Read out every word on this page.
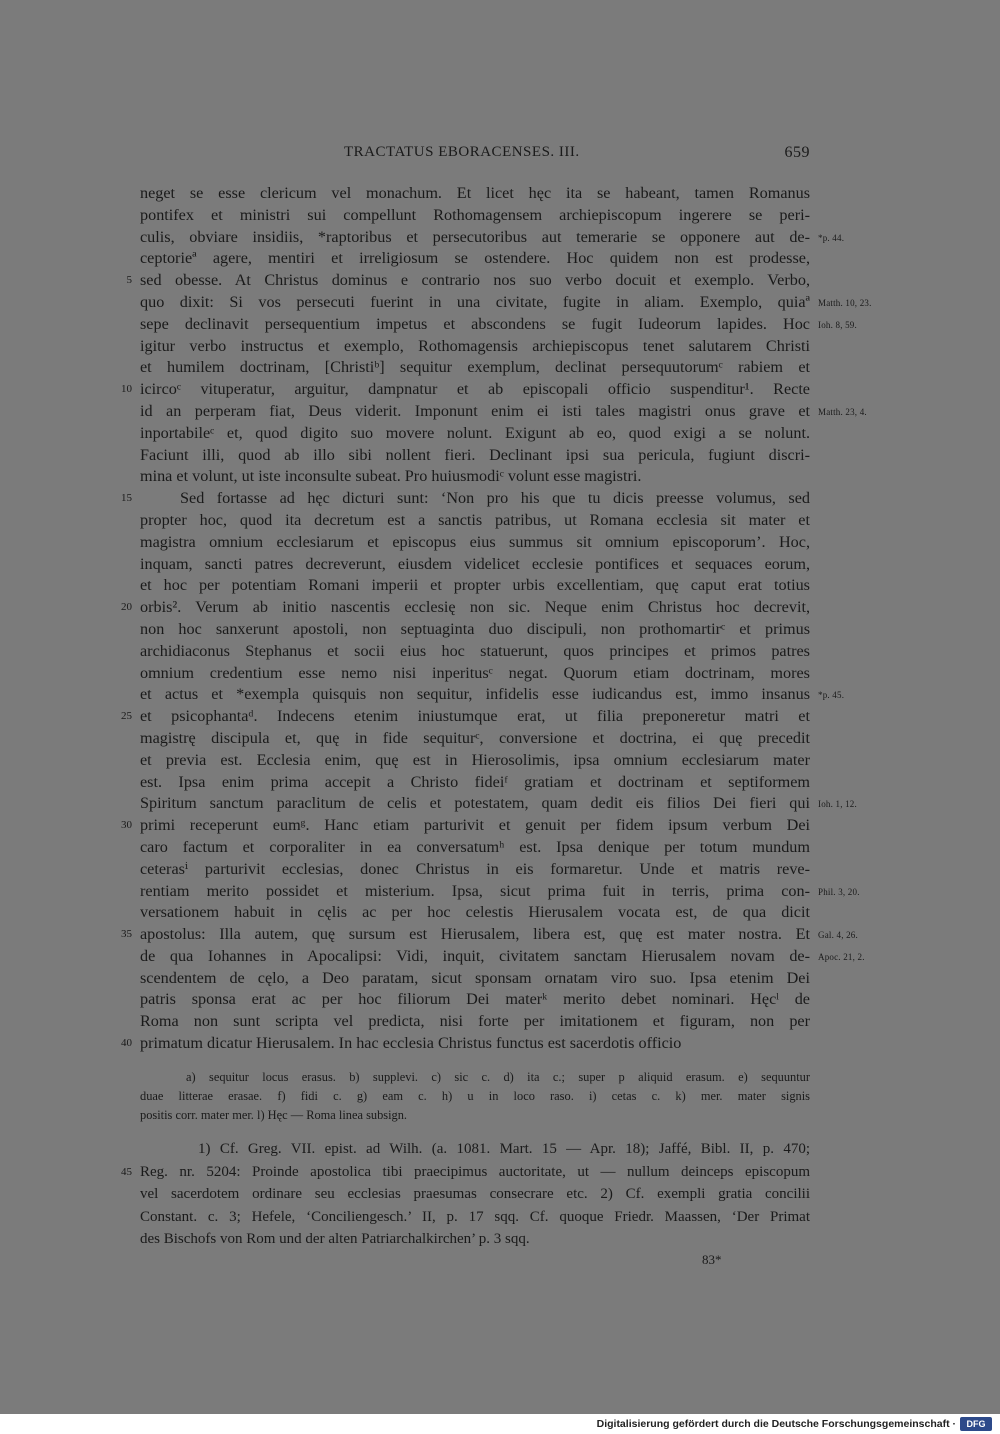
TRACTATUS EBORACENSES. III.	659
neget se esse clericum vel monachum. Et licet hęc ita se habeant, tamen Romanus
pontifex et ministri sui compellunt Rothomagensem archiepiscopum ingerere se peri-
culis, obviare insidiis, *raptoribus et persecutoribus aut temerarie se opponere aut de- *p. 44.
ceptorieª agere, mentiri et irreligiosum se ostendere. Hoc quidem non est prodesse,
sed obesse. At Christus dominus e contrario nos suo verbo docuit et exemplo. Verbo,
5
quo dixit: Si vos persecuti fuerint in una civitate, fugite in aliam. Exemplo, quiaª Matth. 10, 23.
sepe declinavit persequentium impetus et abscondens se fugit Iudeorum lapides. Hoc Ioh. 8, 59.
igitur verbo instructus et exemplo, Rothomagensis archiepiscopus tenet salutarem Christi
et humilem doctrinam, [Christiᵇ] sequitur exemplum, declinat persequutorumᶜ rabiem et
icircoᶜ vituperatur, arguitur, dampnatur et ab episcopali officio suspenditur¹. Recte
10
id an perperam fiat, Deus viderit. Imponunt enim ei isti tales magistri onus grave et Matth. 23, 4.
inportabileᶜ et, quod digito suo movere nolunt. Exigunt ab eo, quod exigi a se nolunt.
Faciunt illi, quod ab illo sibi nollent fieri. Declinant ipsi sua pericula, fugiunt discri-
mina et volunt, ut iste inconsulte subeat. Pro huiusmodiᶜ volunt esse magistri.
Sed fortasse ad hęc dicturi sunt: ‘Non pro his que tu dicis preesse volumus, sed
15
propter hoc, quod ita decretum est a sanctis patribus, ut Romana ecclesia sit mater et
magistra omnium ecclesiarum et episcopus eius summus sit omnium episcoporum’. Hoc,
inquam, sancti patres decreverunt, eiusdem videlicet ecclesie pontifices et sequaces eorum,
et hoc per potentiam Romani imperii et propter urbis excellentiam, quę caput erat totius
orbis². Verum ab initio nascentis ecclesię non sic. Neque enim Christus hoc decrevit,
20
non hoc sanxerunt apostoli, non septuaginta duo discipuli, non prothomartirᶜ et primus
archidiaconus Stephanus et socii eius hoc statuerunt, quos principes et primos patres
omnium credentium esse nemo nisi inperitusᶜ negat. Quorum etiam doctrinam, mores
et actus et *exempla quisquis non sequitur, infidelis esse iudicandus est, immo insanus *p. 45.
et psicophantaᵈ. Indecens etenim iniustumque erat, ut filia preponeretur matri et
25
magistrę discipula et, quę in fide sequiturᶜ, conversione et doctrina, ei quę precedit
et previa est. Ecclesia enim, quę est in Hierosolimis, ipsa omnium ecclesiarum mater
est. Ipsa enim prima accepit a Christo fideiᶠ gratiam et doctrinam et septiformem
Spiritum sanctum paraclitum de celis et potestatem, quam dedit eis filios Dei fieri qui Ioh. 1, 12.
primi receperunt eumᵍ. Hanc etiam parturivit et genuit per fidem ipsum verbum Dei
30
caro factum et corporaliter in ea conversatumʰ est. Ipsa denique per totum mundum
ceterasⁱ parturivit ecclesias, donec Christus in eis formaretur. Unde et matris reve-
rentiam merito possidet et misterium. Ipsa, sicut prima fuit in terris, prima con- Phil. 3, 20.
versationem habuit in cęlis ac per hoc celestis Hierusalem vocata est, de qua dicit
apostolus: Illa autem, quę sursum est Hierusalem, libera est, quę est mater nostra. Et
35	Gal. 4, 26.
de qua Iohannes in Apocalipsi: Vidi, inquit, civitatem sanctam Hierusalem novam de- Apoc. 21, 2.
scendentem de cęlo, a Deo paratam, sicut sponsam ornatam viro suo. Ipsa etenim Dei
patris sponsa erat ac per hoc filiorum Dei materᵏ merito debet nominari. Hęcˡ de
Roma non sunt scripta vel predicta, nisi forte per imitationem et figuram, non per
primatum dicatur Hierusalem. In hac ecclesia Christus functus est sacerdotis officio
40
a) sequitur locus erasus. b) supplevi. c) sic c. d) ita c.; super p aliquid erasum. e) sequuntur
duae litterae erasae. f) fidi c. g) eam c. h) u in loco raso. i) cetas c. k) mer. mater signis
positis corr. mater mer. l) Hęc — Roma linea subsign.
1) Cf. Greg. VII. epist. ad Wilh. (a. 1081. Mart. 15 — Apr. 18); Jaffé, Bibl. II, p. 470;
Reg. nr. 5204: Proinde apostolica tibi praecipimus auctoritate, ut — nullum deinceps episcopum
45
vel sacerdotem ordinare seu ecclesias praesumas consecrare etc. 2) Cf. exempli gratia concilii
Constant. c. 3; Hefele, ‘Conciliengesch.’ II, p. 17 sqq. Cf. quoque Friedr. Maassen, ‘Der Primat
des Bischofs von Rom und der alten Patriarchalkirchen’ p. 3 sqq.
83*
Digitalisierung gefördert durch die Deutsche Forschungsgemeinschaft ·	DFG
